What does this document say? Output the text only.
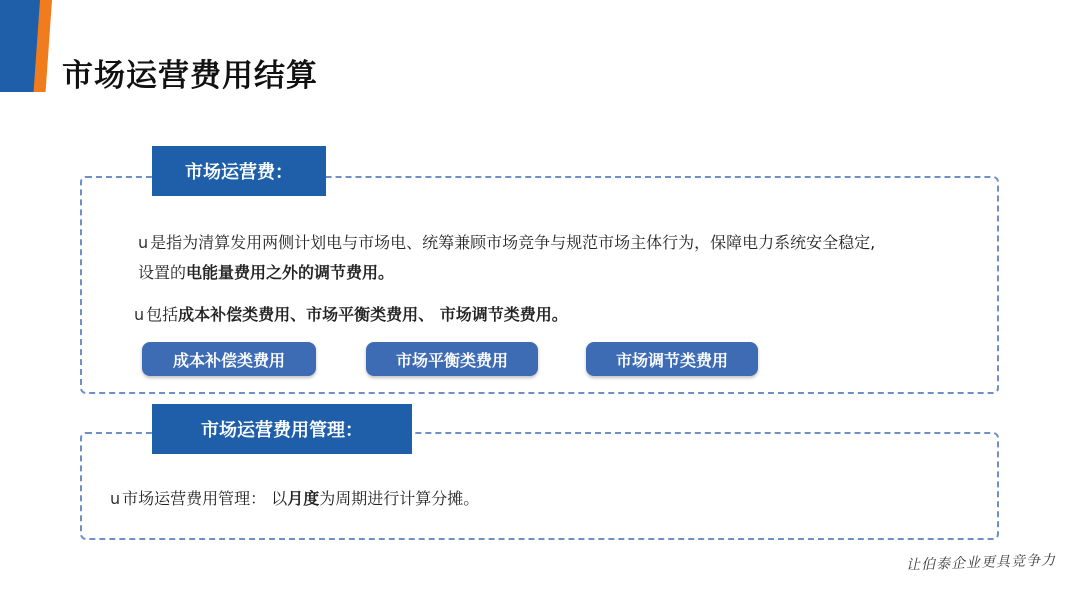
市场运营费用结算
市场运营费：
u 是指为清算发用两侧计划电与市场电、统筹兼顾市场竞争与规范市场主体行为，保障电力系统安全稳定,
设置的电能量费用之外的调节费用。
u 包括成本补偿类费用、市场平衡类费用、 市场调节类费用。
成本补偿类费用	市场平衡类费用	市场调节类费用
市场运营费用管理：
u 市场运营费用管理： 以月度为周期进行计算分摊。
让伯泰企业更具竞争力
